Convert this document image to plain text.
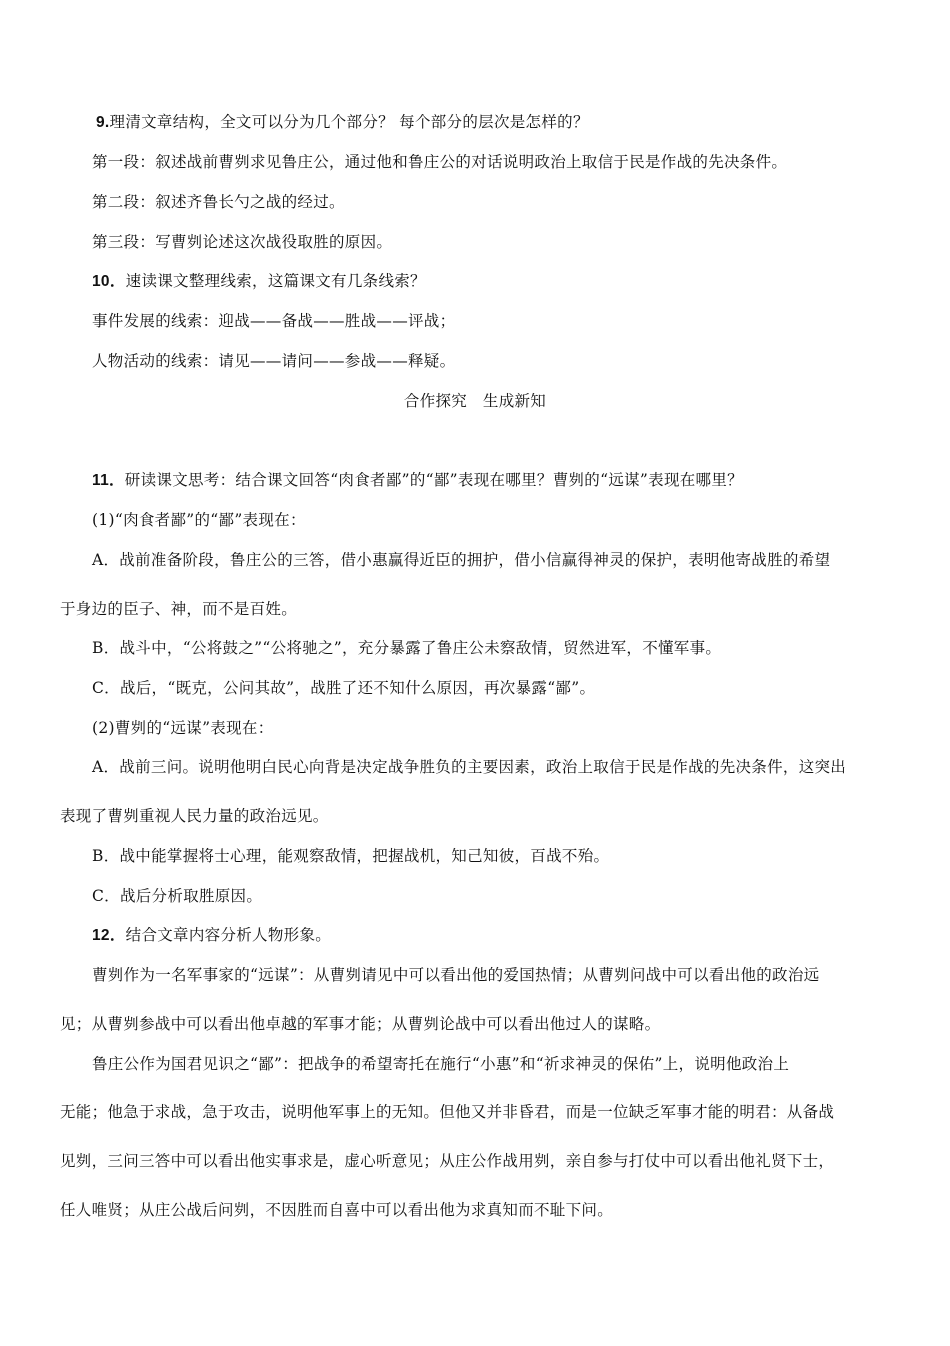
9.理清文章结构，全文可以分为几个部分？ 每个部分的层次是怎样的？
第一段：叙述战前曹刿求见鲁庄公，通过他和鲁庄公的对话说明政治上取信于民是作战的先决条件。
第二段：叙述齐鲁长勺之战的经过。
第三段：写曹刿论述这次战役取胜的原因。
10．速读课文整理线索，这篇课文有几条线索？
事件发展的线索：迎战——备战——胜战——评战；
人物活动的线索：请见——请问——参战——释疑。
合作探究　生成新知
11．研读课文思考：结合课文回答“肉食者鄙”的“鄙”表现在哪里？曹刿的“远谋”表现在哪里？
(1)“肉食者鄙”的“鄙”表现在：
A．战前准备阶段，鲁庄公的三答，借小惠赢得近臣的拥护，借小信赢得神灵的保护，表明他寄战胜的希望
于身边的臣子、神，而不是百姓。
B．战斗中，“公将鼓之”“公将驰之”，充分暴露了鲁庄公未察敌情，贸然进军，不懂军事。
C．战后，“既克，公问其故”，战胜了还不知什么原因，再次暴露“鄙”。
(2)曹刿的“远谋”表现在：
A．战前三问。说明他明白民心向背是决定战争胜负的主要因素，政治上取信于民是作战的先决条件，这突出
表现了曹刿重视人民力量的政治远见。
B．战中能掌握将士心理，能观察敌情，把握战机，知己知彼，百战不殆。
C．战后分析取胜原因。
12．结合文章内容分析人物形象。
曹刿作为一名军事家的“远谋”：从曹刿请见中可以看出他的爱国热情；从曹刿问战中可以看出他的政治远
见；从曹刿参战中可以看出他卓越的军事才能；从曹刿论战中可以看出他过人的谋略。
鲁庄公作为国君见识之“鄙”：把战争的希望寄托在施行“小惠”和“祈求神灵的保佑”上，说明他政治上
无能；他急于求战，急于攻击，说明他军事上的无知。但他又并非昏君，而是一位缺乏军事才能的明君：从备战
见刿，三问三答中可以看出他实事求是，虚心听意见；从庄公作战用刿，亲自参与打仗中可以看出他礼贤下士，
任人唯贤；从庄公战后问刿，不因胜而自喜中可以看出他为求真知而不耻下问。
